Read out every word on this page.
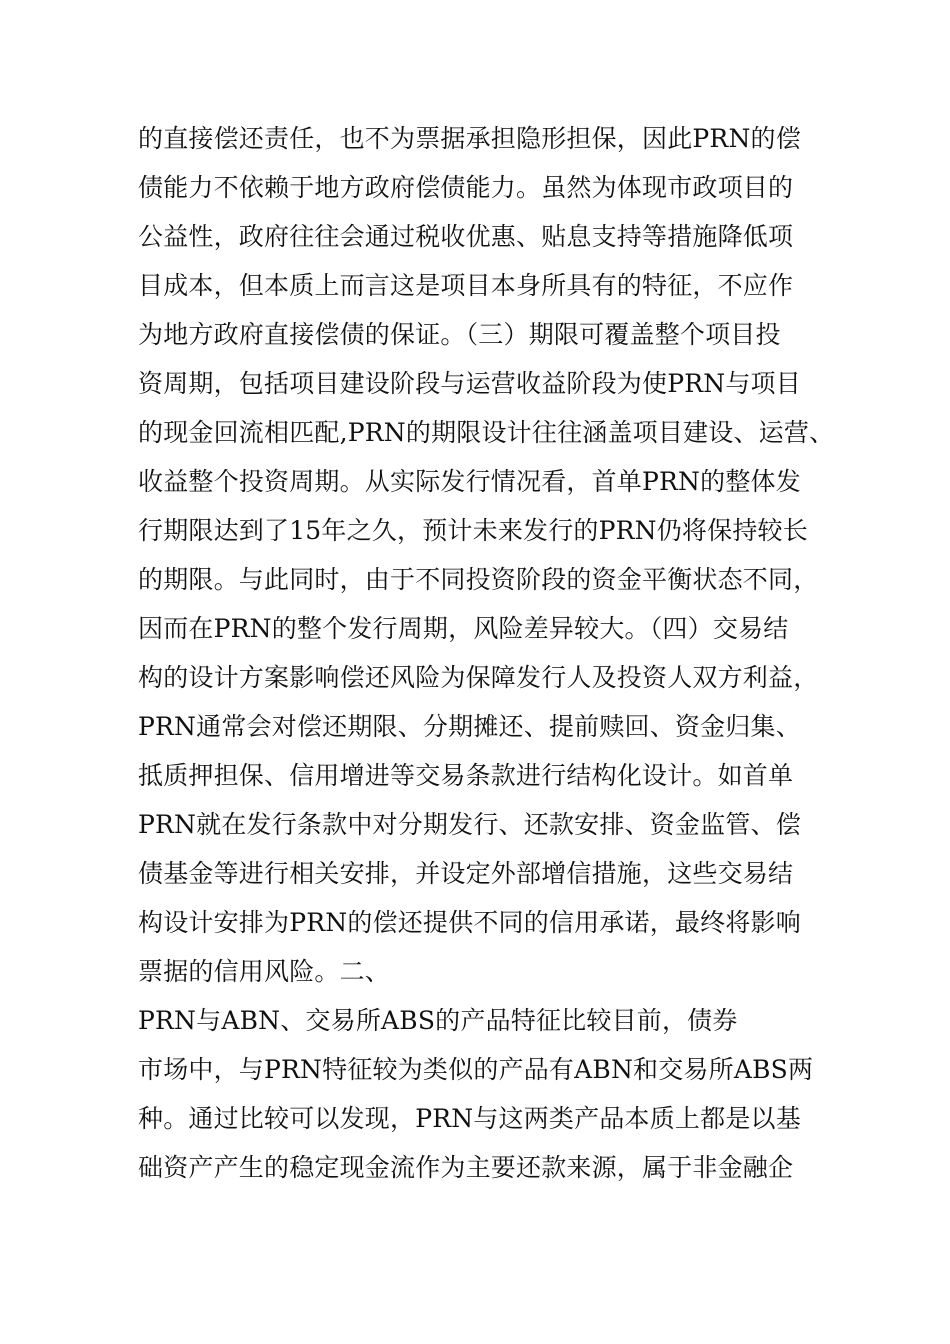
的直接偿还责任，也不为票据承担隐形担保，因此PRN的偿
债能力不依赖于地方政府偿债能力。虽然为体现市政项目的
公益性，政府往往会通过税收优惠、贴息支持等措施降低项
目成本，但本质上而言这是项目本身所具有的特征，不应作
为地方政府直接偿债的保证。（三）期限可覆盖整个项目投
资周期，包括项目建设阶段与运营收益阶段为使PRN与项目
的现金回流相匹配,PRN的期限设计往往涵盖项目建设、运营、
收益整个投资周期。从实际发行情况看，首单PRN的整体发
行期限达到了15年之久，预计未来发行的PRN仍将保持较长
的期限。与此同时，由于不同投资阶段的资金平衡状态不同，
因而在PRN的整个发行周期，风险差异较大。（四）交易结
构的设计方案影响偿还风险为保障发行人及投资人双方利益，
PRN通常会对偿还期限、分期摊还、提前赎回、资金归集、
抵质押担保、信用增进等交易条款进行结构化设计。如首单
PRN就在发行条款中对分期发行、还款安排、资金监管、偿
债基金等进行相关安排，并设定外部增信措施，这些交易结
构设计安排为PRN的偿还提供不同的信用承诺，最终将影响
票据的信用风险。二、
PRN与ABN、交易所ABS的产品特征比较目前，债券
市场中，与PRN特征较为类似的产品有ABN和交易所ABS两
种。通过比较可以发现，PRN与这两类产品本质上都是以基
础资产产生的稳定现金流作为主要还款来源，属于非金融企
